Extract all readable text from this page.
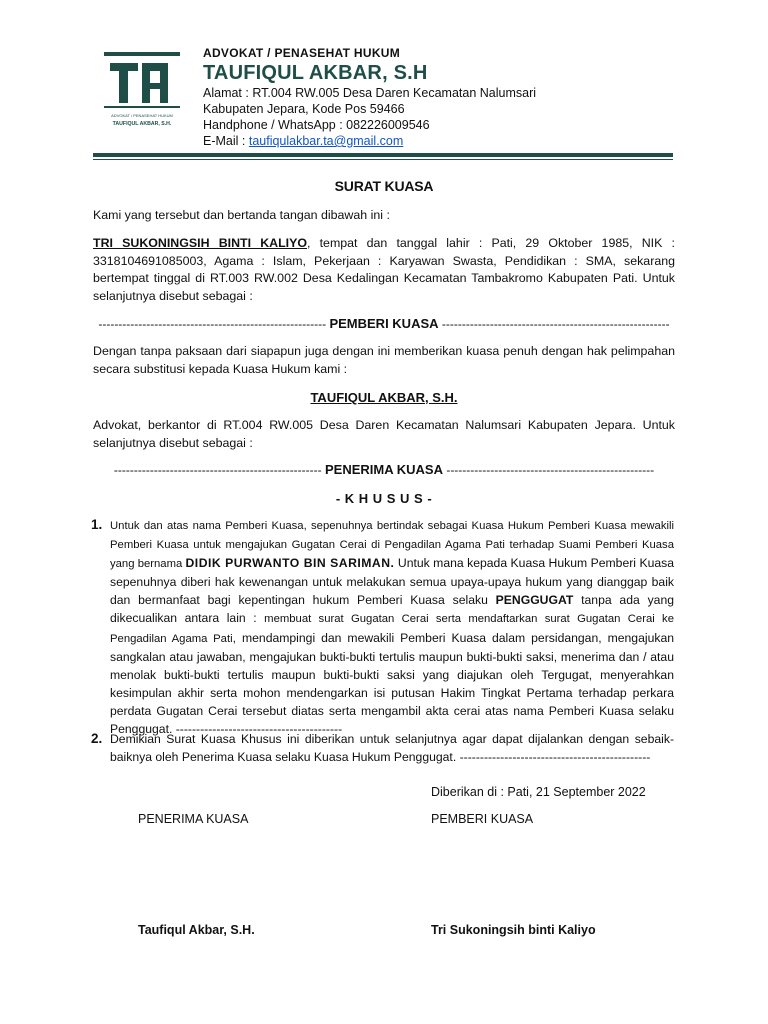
ADVOKAT / PENASEHAT HUKUM
TAUFIQUL AKBAR, S.H.
ADVOKAT / PENASEHAT HUKUM
TAUFIQUL AKBAR, S.H
Alamat : RT.004 RW.005 Desa Daren Kecamatan Nalumsari
Kabupaten Jepara, Kode Pos 59466
Handphone / WhatsApp : 082226009546
E-Mail : taufiqulakbar.ta@gmail.com
SURAT KUASA
Kami yang tersebut dan bertanda tangan dibawah ini :
TRI SUKONINGSIH BINTI KALIYO, tempat dan tanggal lahir : Pati, 29 Oktober 1985, NIK : 3318104691085003, Agama : Islam, Pekerjaan : Karyawan Swasta, Pendidikan : SMA, sekarang bertempat tinggal di RT.003 RW.002 Desa Kedalingan Kecamatan Tambakromo Kabupaten Pati. Untuk selanjutnya disebut sebagai :
--------------------------------------------------------- PEMBERI KUASA ---------------------------------------------------------
Dengan tanpa paksaan dari siapapun juga dengan ini memberikan kuasa penuh dengan hak pelimpahan secara substitusi kepada Kuasa Hukum kami :
TAUFIQUL AKBAR, S.H.
Advokat, berkantor di RT.004 RW.005 Desa Daren Kecamatan Nalumsari Kabupaten Jepara. Untuk selanjutnya disebut sebagai :
---------------------------------------------------- PENERIMA KUASA ----------------------------------------------------
- K H U S U S -
1. Untuk dan atas nama Pemberi Kuasa, sepenuhnya bertindak sebagai Kuasa Hukum Pemberi Kuasa mewakili Pemberi Kuasa untuk mengajukan Gugatan Cerai di Pengadilan Agama Pati terhadap Suami Pemberi Kuasa yang bernama DIDIK PURWANTO BIN SARIMAN. Untuk mana kepada Kuasa Hukum Pemberi Kuasa sepenuhnya diberi hak kewenangan untuk melakukan semua upaya-upaya hukum yang dianggap baik dan bermanfaat bagi kepentingan hukum Pemberi Kuasa selaku PENGGUGAT tanpa ada yang dikecualikan antara lain : membuat surat Gugatan Cerai serta mendaftarkan surat Gugatan Cerai ke Pengadilan Agama Pati, mendampingi dan mewakili Pemberi Kuasa dalam persidangan, mengajukan sangkalan atau jawaban, mengajukan bukti-bukti tertulis maupun bukti-bukti saksi, menerima dan / atau menolak bukti-bukti tertulis maupun bukti-bukti saksi yang diajukan oleh Tergugat, menyerahkan kesimpulan akhir serta mohon mendengarkan isi putusan Hakim Tingkat Pertama terhadap perkara perdata Gugatan Cerai tersebut diatas serta mengambil akta cerai atas nama Pemberi Kuasa selaku Penggugat. -----------------------------------------
2. Demikian Surat Kuasa Khusus ini diberikan untuk selanjutnya agar dapat dijalankan dengan sebaik-baiknya oleh Penerima Kuasa selaku Kuasa Hukum Penggugat. -----------------------------------------------
Diberikan di : Pati, 21 September 2022
PENERIMA KUASA	PEMBERI KUASA
Taufiqul Akbar, S.H.	Tri Sukoningsih binti Kaliyo
